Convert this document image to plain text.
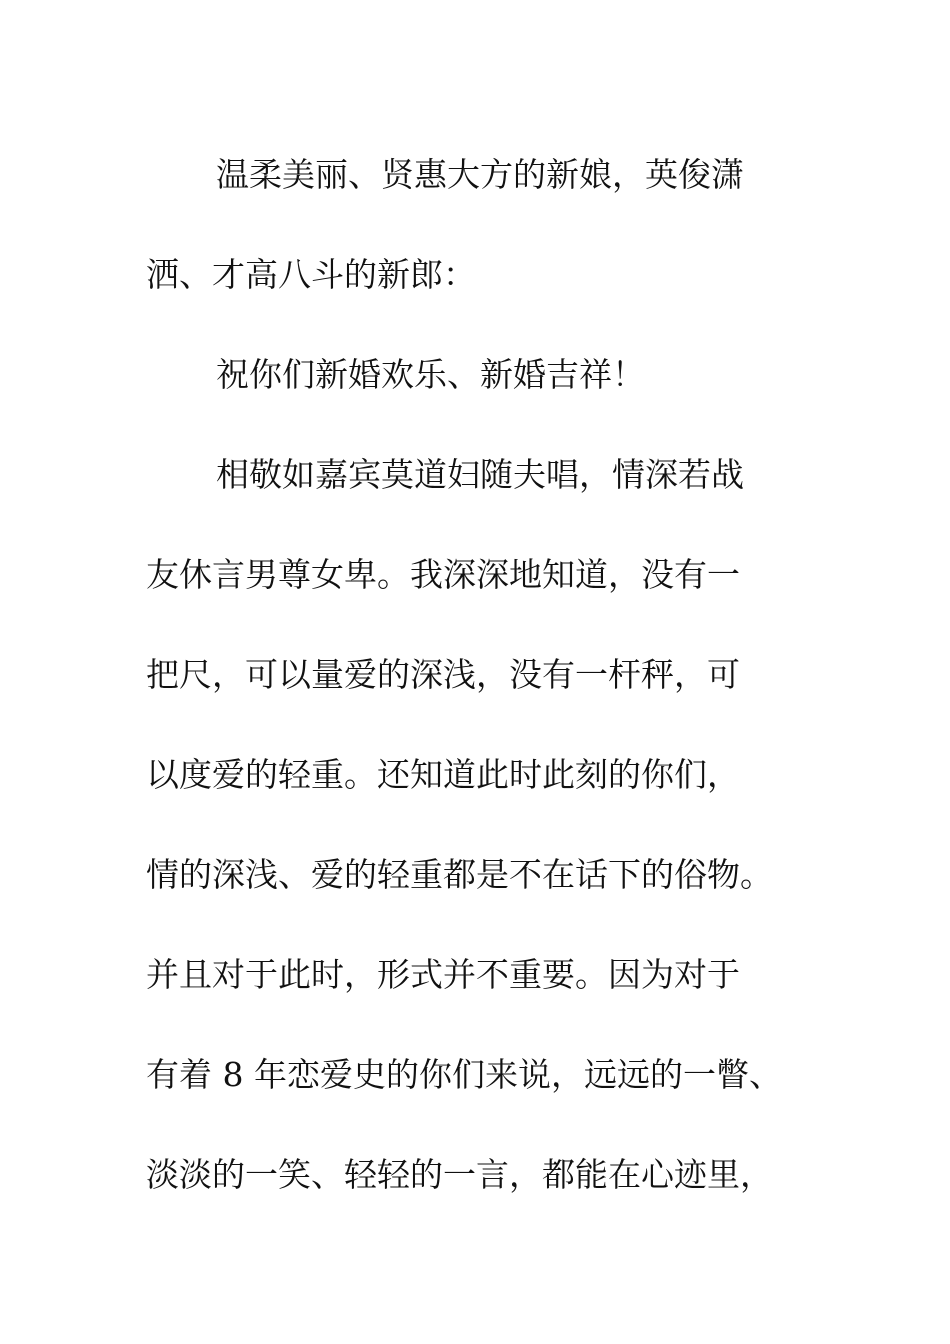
温柔美丽、贤惠大方的新娘，英俊潇
洒、才高八斗的新郎：
祝你们新婚欢乐、新婚吉祥！
相敬如嘉宾莫道妇随夫唱，情深若战
友休言男尊女卑。我深深地知道，没有一
把尺，可以量爱的深浅，没有一杆秤，可
以度爱的轻重。还知道此时此刻的你们，
情的深浅、爱的轻重都是不在话下的俗物。
并且对于此时，形式并不重要。因为对于
有着 8 年恋爱史的你们来说，远远的一瞥、
淡淡的一笑、轻轻的一言，都能在心迹里，
